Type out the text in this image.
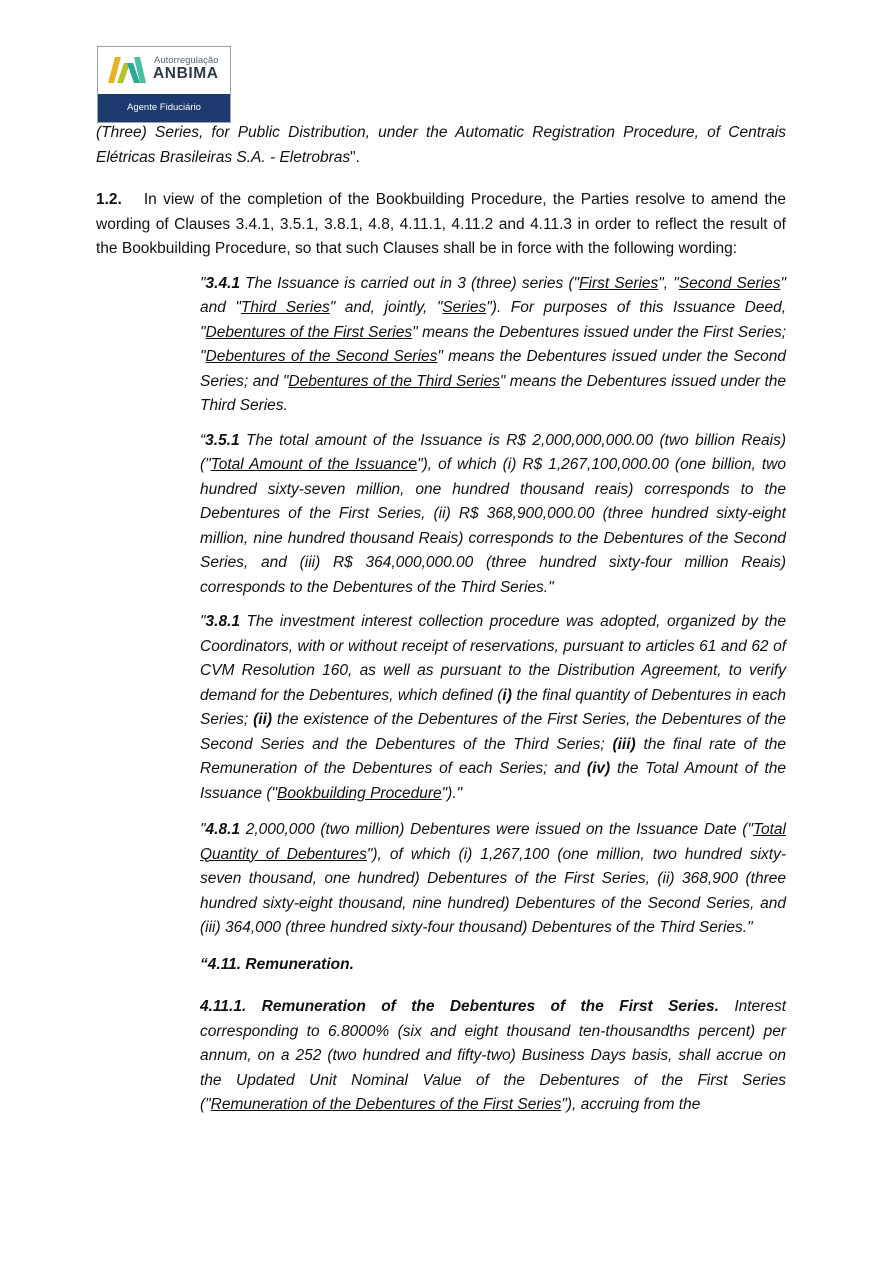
Autorregulação
ANBIMA
Agente Fiduciário

(Three) Series, for Public Distribution, under the Automatic Registration Procedure, of Centrais Elétricas Brasileiras S.A. - Eletrobras".

1.2. In view of the completion of the Bookbuilding Procedure, the Parties resolve to amend the wording of Clauses 3.4.1, 3.5.1, 3.8.1, 4.8, 4.11.1, 4.11.2 and 4.11.3 in order to reflect the result of the Bookbuilding Procedure, so that such Clauses shall be in force with the following wording:

"3.4.1 The Issuance is carried out in 3 (three) series ("First Series", "Second Series" and "Third Series" and, jointly, "Series"). For purposes of this Issuance Deed, "Debentures of the First Series" means the Debentures issued under the First Series; "Debentures of the Second Series" means the Debentures issued under the Second Series; and "Debentures of the Third Series" means the Debentures issued under the Third Series.

“3.5.1 The total amount of the Issuance is R$ 2,000,000,000.00 (two billion Reais) ("Total Amount of the Issuance"), of which (i) R$ 1,267,100,000.00 (one billion, two hundred sixty-seven million, one hundred thousand reais) corresponds to the Debentures of the First Series, (ii) R$ 368,900,000.00 (three hundred sixty-eight million, nine hundred thousand Reais) corresponds to the Debentures of the Second Series, and (iii) R$ 364,000,000.00 (three hundred sixty-four million Reais) corresponds to the Debentures of the Third Series."

"3.8.1 The investment interest collection procedure was adopted, organized by the Coordinators, with or without receipt of reservations, pursuant to articles 61 and 62 of CVM Resolution 160, as well as pursuant to the Distribution Agreement, to verify demand for the Debentures, which defined (i) the final quantity of Debentures in each Series; (ii) the existence of the Debentures of the First Series, the Debentures of the Second Series and the Debentures of the Third Series; (iii) the final rate of the Remuneration of the Debentures of each Series; and (iv) the Total Amount of the Issuance ("Bookbuilding Procedure")."

"4.8.1 2,000,000 (two million) Debentures were issued on the Issuance Date ("Total Quantity of Debentures"), of which (i) 1,267,100 (one million, two hundred sixty-seven thousand, one hundred) Debentures of the First Series, (ii) 368,900 (three hundred sixty-eight thousand, nine hundred) Debentures of the Second Series, and (iii) 364,000 (three hundred sixty-four thousand) Debentures of the Third Series."

“4.11. Remuneration.

4.11.1. Remuneration of the Debentures of the First Series. Interest corresponding to 6.8000% (six and eight thousand ten-thousandths percent) per annum, on a 252 (two hundred and fifty-two) Business Days basis, shall accrue on the Updated Unit Nominal Value of the Debentures of the First Series ("Remuneration of the Debentures of the First Series"), accruing from the
